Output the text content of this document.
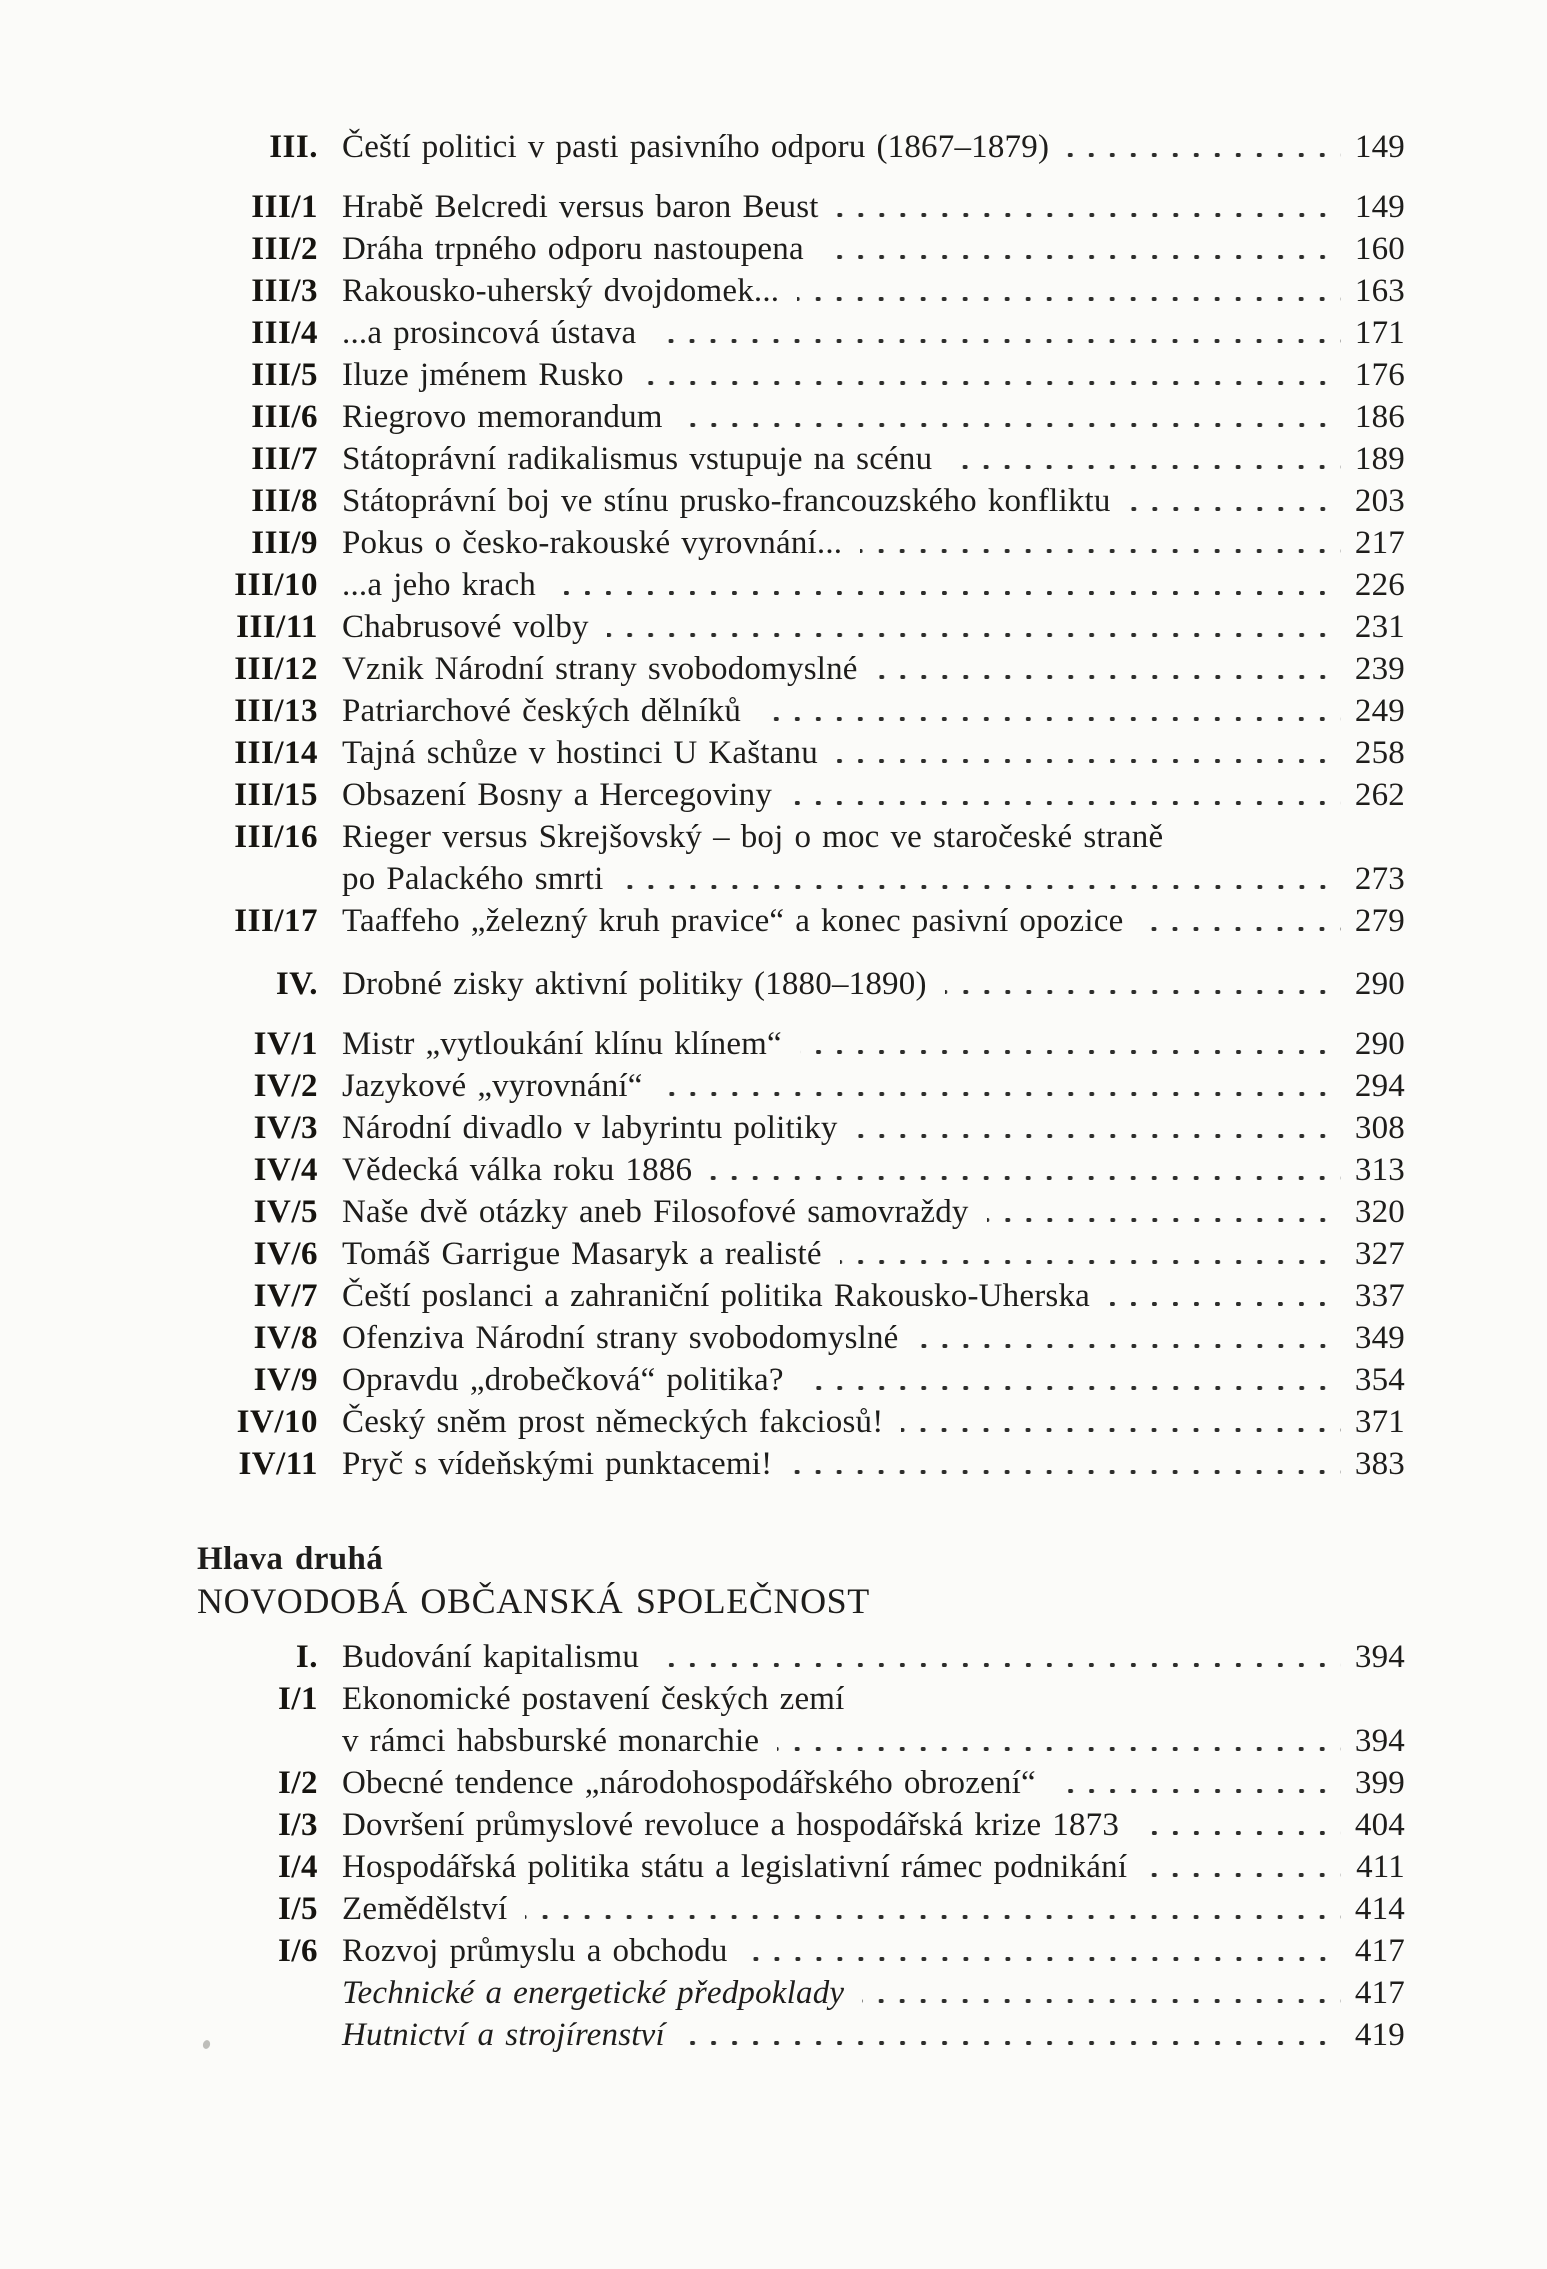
III. Čeští politici v pasti pasivního odporu (1867–1879)	149
III/1 Hrabě Belcredi versus baron Beust	149
III/2 Dráha trpného odporu nastoupena	160
III/3 Rakousko-uherský dvojdomek...	163
III/4 ...a prosincová ústava	171
III/5 Iluze jménem Rusko	176
III/6 Riegrovo memorandum	186
III/7 Státoprávní radikalismus vstupuje na scénu	189
III/8 Státoprávní boj ve stínu prusko-francouzského konfliktu	203
III/9 Pokus o česko-rakouské vyrovnání...	217
III/10 ...a jeho krach	226
III/11 Chabrusové volby	231
III/12 Vznik Národní strany svobodomyslné	239
III/13 Patriarchové českých dělníků	249
III/14 Tajná schůze v hostinci U Kaštanu	258
III/15 Obsazení Bosny a Hercegoviny	262
III/16 Rieger versus Skrejšovský – boj o moc ve staročeské straně
po Palackého smrti	273
III/17 Taaffeho „železný kruh pravice“ a konec pasivní opozice	279
IV. Drobné zisky aktivní politiky (1880–1890)	290
IV/1 Mistr „vytloukání klínu klínem“	290
IV/2 Jazykové „vyrovnání“	294
IV/3 Národní divadlo v labyrintu politiky	308
IV/4 Vědecká válka roku 1886	313
IV/5 Naše dvě otázky aneb Filosofové samovraždy	320
IV/6 Tomáš Garrigue Masaryk a realisté	327
IV/7 Čeští poslanci a zahraniční politika Rakousko-Uherska	337
IV/8 Ofenziva Národní strany svobodomyslné	349
IV/9 Opravdu „drobečková“ politika?	354
IV/10 Český sněm prost německých fakciosů!	371
IV/11 Pryč s vídeňskými punktacemi!	383
Hlava druhá
NOVODOBÁ OBČANSKÁ SPOLEČNOST
I. Budování kapitalismu	394
I/1 Ekonomické postavení českých zemí
v rámci habsburské monarchie	394
I/2 Obecné tendence „národohospodářského obrození“	399
I/3 Dovršení průmyslové revoluce a hospodářská krize 1873	404
I/4 Hospodářská politika státu a legislativní rámec podnikání	411
I/5 Zemědělství	414
I/6 Rozvoj průmyslu a obchodu	417
Technické a energetické předpoklady	417
Hutnictví a strojírenství	419
